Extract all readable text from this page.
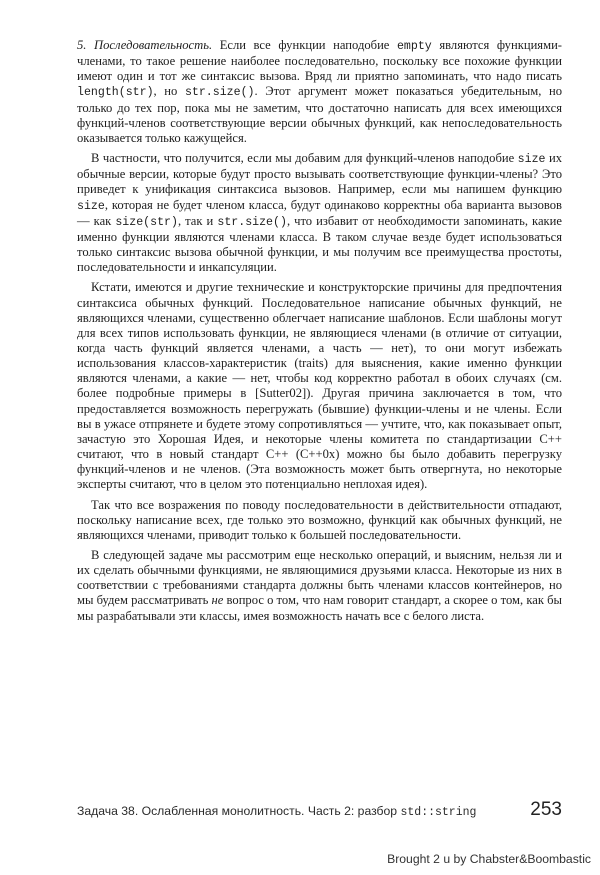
5. Последовательность. Если все функции наподобие empty являются функциями-членами, то такое решение наиболее последовательно, поскольку все похожие функции имеют один и тот же синтаксис вызова. Вряд ли приятно запоминать, что надо писать length(str), но str.size(). Этот аргумент может показаться убедительным, но только до тех пор, пока мы не заметим, что достаточно написать для всех имеющихся функций-членов соответствующие версии обычных функций, как непоследовательность оказывается только кажущейся.

В частности, что получится, если мы добавим для функций-членов наподобие size их обычные версии, которые будут просто вызывать соответствующие функции-члены? Это приведет к унификация синтаксиса вызовов. Например, если мы напишем функцию size, которая не будет членом класса, будут одинаково корректны оба варианта вызовов — как size(str), так и str.size(), что избавит от необходимости запоминать, какие именно функции являются членами класса. В таком случае везде будет использоваться только синтаксис вызова обычной функции, и мы получим все преимущества простоты, последовательности и инкапсуляции.

Кстати, имеются и другие технические и конструкторские причины для предпочтения синтаксиса обычных функций. Последовательное написание обычных функций, не являющихся членами, существенно облегчает написание шаблонов. Если шаблоны могут для всех типов использовать функции, не являющиеся членами (в отличие от ситуации, когда часть функций является членами, а часть — нет), то они могут избежать использования классов-характеристик (traits) для выяснения, какие именно функции являются членами, а какие — нет, чтобы код корректно работал в обоих случаях (см. более подробные примеры в [Sutter02]). Другая причина заключается в том, что предоставляется возможность перегружать (бывшие) функции-члены и не члены. Если вы в ужасе отпрянете и будете этому сопротивляться — учтите, что, как показывает опыт, зачастую это Хорошая Идея, и некоторые члены комитета по стандартизации C++ считают, что в новый стандарт C++ (C++0x) можно бы было добавить перегрузку функций-членов и не членов. (Эта возможность может быть отвергнута, но некоторые эксперты считают, что в целом это потенциально неплохая идея).

Так что все возражения по поводу последовательности в действительности отпадают, поскольку написание всех, где только это возможно, функций как обычных функций, не являющихся членами, приводит только к большей последовательности.

В следующей задаче мы рассмотрим еще несколько операций, и выясним, нельзя ли и их сделать обычными функциями, не являющимися друзьями класса. Некоторые из них в соответствии с требованиями стандарта должны быть членами классов контейнеров, но мы будем рассматривать не вопрос о том, что нам говорит стандарт, а скорее о том, как бы мы разрабатывали эти классы, имея возможность начать все с белого листа.

Задача 38. Ослабленная монолитность. Часть 2: разбор std::string	253
Brought 2 u by Chabster&Boombastic
